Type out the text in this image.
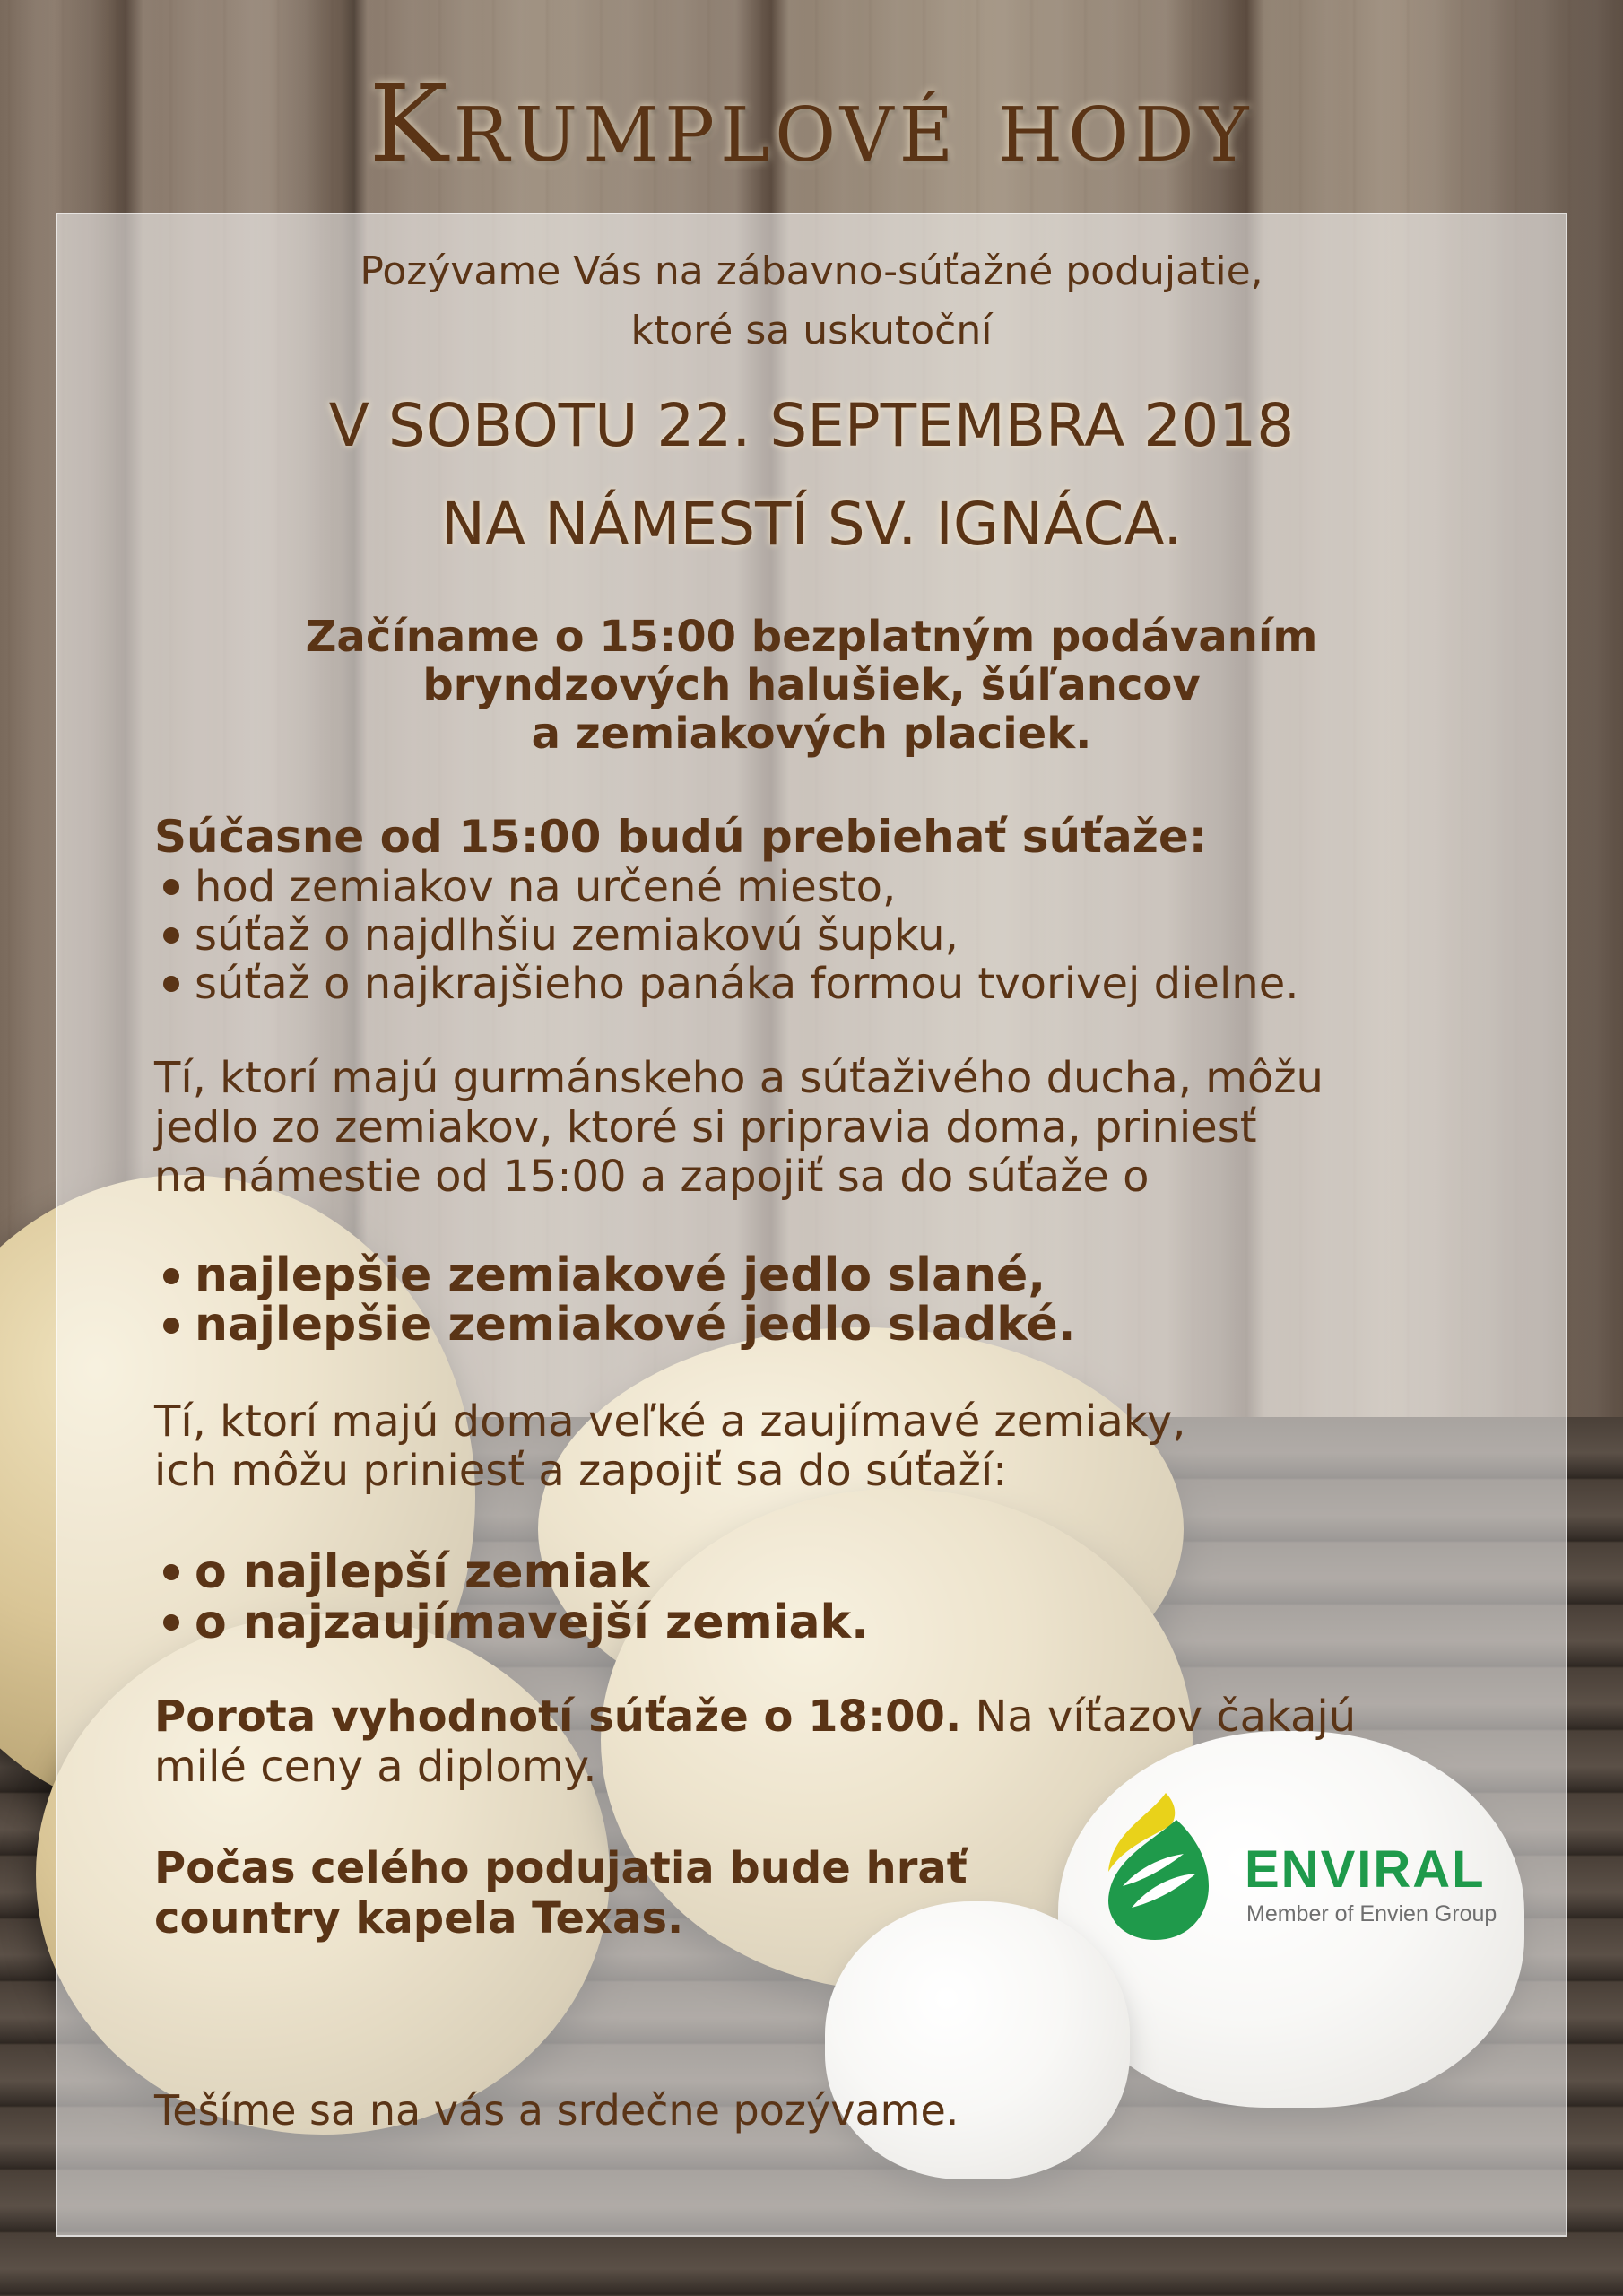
Krumplové hody

Pozývame Vás na zábavno-súťažné podujatie,
ktoré sa uskutoční

V SOBOTU 22. SEPTEMBRA 2018
NA NÁMESTÍ SV. IGNÁCA.

Začíname o 15:00 bezplatným podávaním
bryndzových halušiek, šúľancov
a zemiakových placiek.

Súčasne od 15:00 budú prebiehať súťaže:

hod zemiakov na určené miesto,
súťaž o najdlhšiu zemiakovú šupku,
súťaž o najkrajšieho panáka formou tvorivej dielne.

Tí, ktorí majú gurmánskeho a súťaživého ducha, môžu
jedlo zo zemiakov, ktoré si pripravia doma, priniesť
na námestie od 15:00 a zapojiť sa do súťaže o

najlepšie zemiakové jedlo slané,
najlepšie zemiakové jedlo sladké.

Tí, ktorí majú doma veľké a zaujímavé zemiaky,
ich môžu priniesť a zapojiť sa do súťaží:

o najlepší zemiak
o najzaujímavejší zemiak.

Porota vyhodnotí súťaže o 18:00. Na víťazov čakajú
milé ceny a diplomy.

Počas celého podujatia bude hrať
country kapela Texas.

Tešíme sa na vás a srdečne pozývame.

ENVIRAL
Member of Envien Group
